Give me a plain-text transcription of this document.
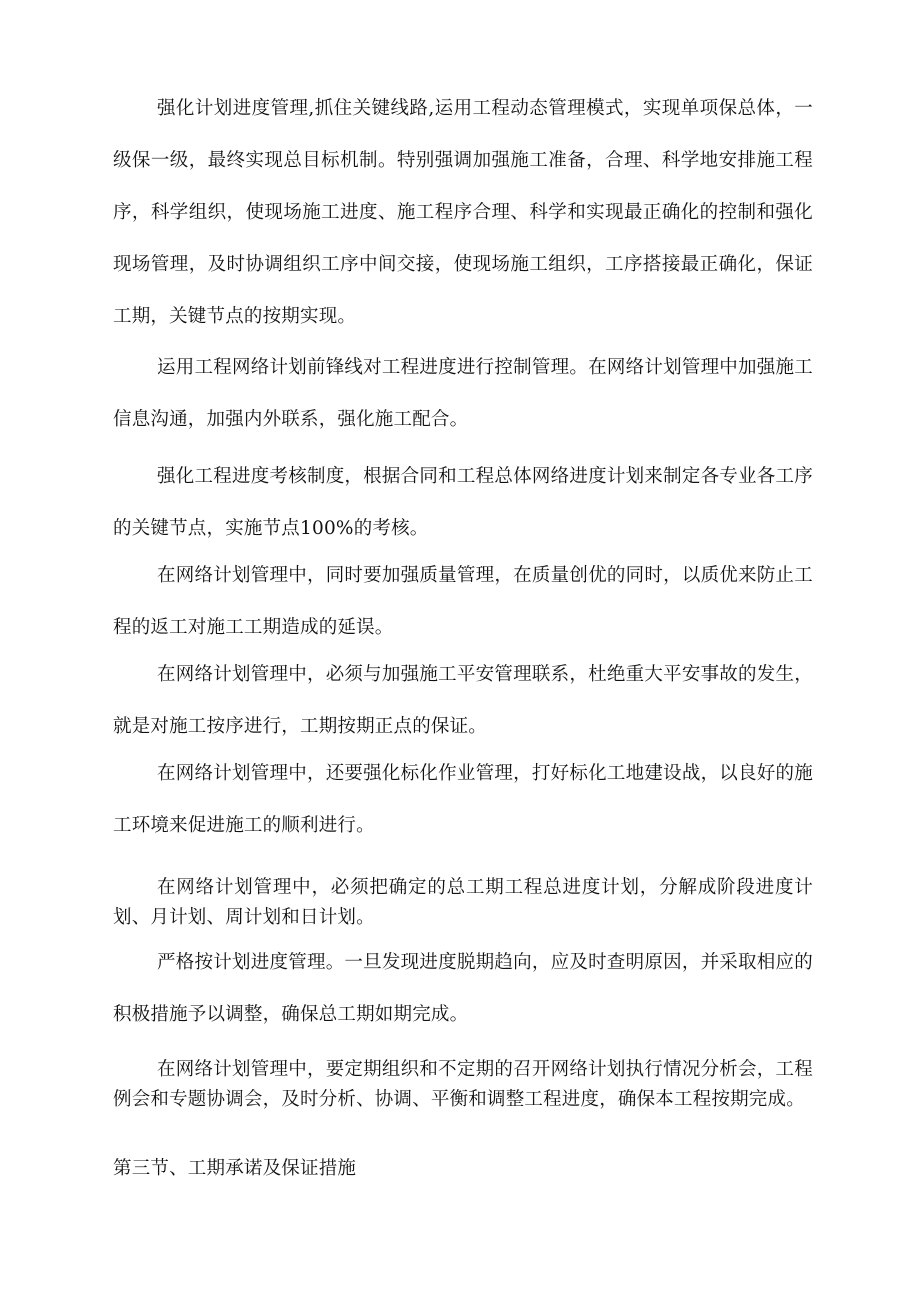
强化计划进度管理,抓住关键线路,运用工程动态管理模式，实现单项保总体，一级保一级，最终实现总目标机制。特别强调加强施工准备，合理、科学地安排施工程序，科学组织，使现场施工进度、施工程序合理、科学和实现最正确化的控制和强化现场管理，及时协调组织工序中间交接，使现场施工组织，工序搭接最正确化，保证工期，关键节点的按期实现。

运用工程网络计划前锋线对工程进度进行控制管理。在网络计划管理中加强施工信息沟通，加强内外联系，强化施工配合。

强化工程进度考核制度，根据合同和工程总体网络进度计划来制定各专业各工序的关键节点，实施节点100%的考核。

在网络计划管理中，同时要加强质量管理，在质量创优的同时，以质优来防止工程的返工对施工工期造成的延误。

在网络计划管理中，必须与加强施工平安管理联系，杜绝重大平安事故的发生，就是对施工按序进行，工期按期正点的保证。

在网络计划管理中，还要强化标化作业管理，打好标化工地建设战，以良好的施工环境来促进施工的顺利进行。

在网络计划管理中，必须把确定的总工期工程总进度计划，分解成阶段进度计划、月计划、周计划和日计划。

严格按计划进度管理。一旦发现进度脱期趋向，应及时查明原因，并采取相应的积极措施予以调整，确保总工期如期完成。

在网络计划管理中，要定期组织和不定期的召开网络计划执行情况分析会，工程例会和专题协调会，及时分析、协调、平衡和调整工程进度，确保本工程按期完成。

第三节、工期承诺及保证措施
